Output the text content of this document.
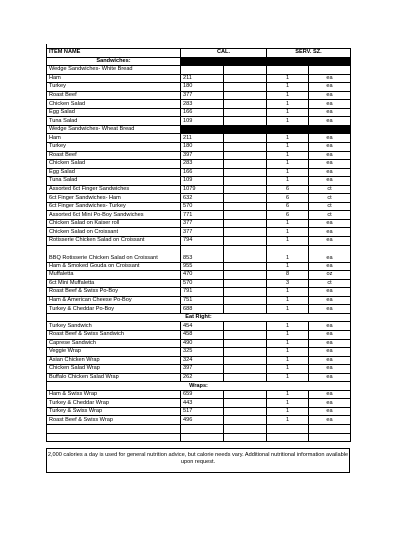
ITEM NAME	CAL.		SERV. SZ.	
Sandwiches:				
Wedge Sandwiches- White Bread				
Ham	211		1	ea
Turkey	180		1	ea
Roast Beef	377		1	ea
Chicken Salad	283		1	ea
Egg Salad	166		1	ea
Tuna Salad	109		1	ea
Wedge Sandwiches- Wheat Bread				
Ham	211		1	ea
Turkey	180		1	ea
Roast Beef	397		1	ea
Chicken Salad	283		1	ea
Egg Salad	166		1	ea
Tuna Salad	109		1	ea
Assorted 6ct Finger Sandwiches	1079		6	ct
6ct Finger Sandwiches- Ham	632		6	ct
6ct Finger Sandwiches- Turkey	570		6	ct
Assorted 6ct Mini Po-Boy Sandwiches	771		6	ct
Chicken Salad on Kaiser roll	377		1	ea
Chicken Salad on Croissant	377		1	ea
Rotisserie Chicken Salad on Croissant	794		1	ea
BBQ Rotisserie Chicken Salad on Croissant	853		1	ea
Ham & Smoked Gouda on Croissant	955		1	ea
Muffaletta	470		8	oz
6ct Mini Muffaletta	570		3	ct
Roast Beef & Swiss Po-Boy	791		1	ea
Ham & American Cheese Po-Boy	751		1	ea
Turkey & Cheddar Po-Boy	688		1	ea
Eat Right:				
Turkey Sandwich	454		1	ea
Roast Beef & Swiss Sandwich	458		1	ea
Caprese Sandwich	490		1	ea
Veggie Wrap	325		1	ea
Asian Chicken Wrap	324		1	ea
Chicken Salad Wrap	397		1	ea
Buffalo Chicken Salad Wrap	262		1	ea
Wraps:				
Ham & Swiss Wrap	659		1	ea
Turkey & Cheddar Wrap	443		1	ea
Turkey & Swiss Wrap	517		1	ea
Roast Beef & Swiss Wrap	496		1	ea

2,000 calories a day is used for general nutrition advice, but calorie needs vary. Additional nutritional information available upon request.
